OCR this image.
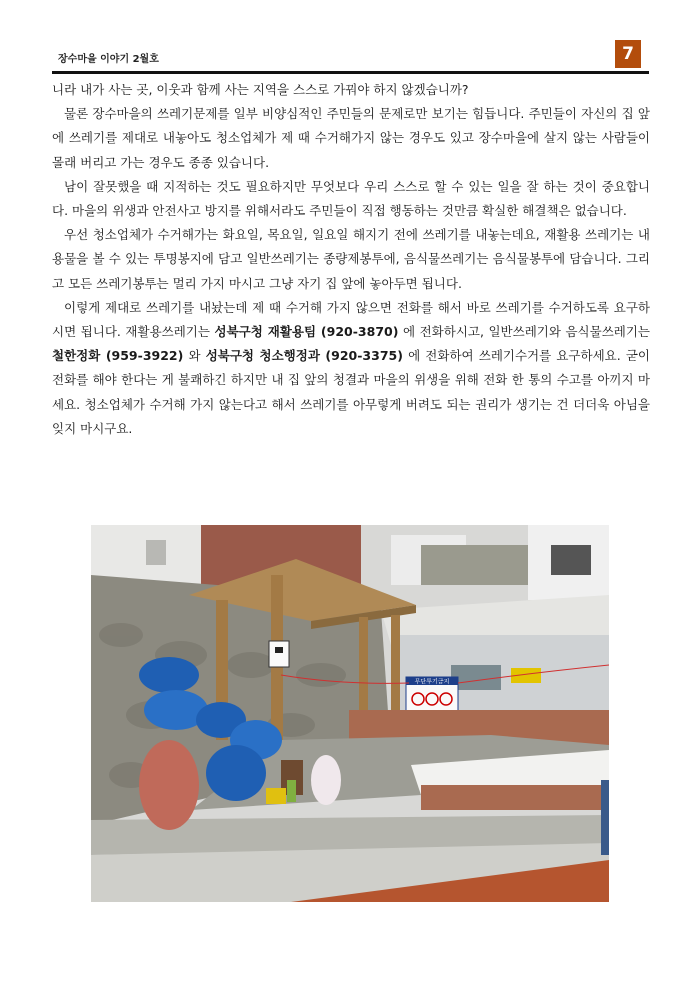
장수마을 이야기 2월호	7

니라 내가 사는 곳, 이웃과 함께 사는 지역을 스스로 가꿔야 하지 않겠습니까?

물론 장수마을의 쓰레기문제를 일부 비양심적인 주민들의 문제로만 보기는 힘듭니다. 주민들이 자신의 집 앞에 쓰레기를 제대로 내놓아도 청소업체가 제 때 수거해가지 않는 경우도 있고 장수마을에 살지 않는 사람들이 몰래 버리고 가는 경우도 종종 있습니다.

남이 잘못했을 때 지적하는 것도 필요하지만 무엇보다 우리 스스로 할 수 있는 일을 잘 하는 것이 중요합니다. 마을의 위생과 안전사고 방지를 위해서라도 주민들이 직접 행동하는 것만큼 확실한 해결책은 없습니다.

우선 청소업체가 수거해가는 화요일, 목요일, 일요일 해지기 전에 쓰레기를 내놓는데요, 재활용 쓰레기는 내용물을 볼 수 있는 투명봉지에 담고 일반쓰레기는 종량제봉투에, 음식물쓰레기는 음식물봉투에 담습니다. 그리고 모든 쓰레기봉투는 멀리 가지 마시고 그냥 자기 집 앞에 놓아두면 됩니다.

이렇게 제대로 쓰레기를 내놨는데 제 때 수거해 가지 않으면 전화를 해서 바로 쓰레기를 수거하도록 요구하시면 됩니다. 재활용쓰레기는 성북구청 재활용팀 (920-3870) 에 전화하시고, 일반쓰레기와 음식물쓰레기는 철한정화 (959-3922) 와 성북구청 청소행정과 (920-3375) 에 전화하여 쓰레기수거를 요구하세요. 굳이 전화를 해야 한다는 게 불쾌하긴 하지만 내 집 앞의 청결과 마을의 위생을 위해 전화 한 통의 수고를 아끼지 마세요. 청소업체가 수거해 가지 않는다고 해서 쓰레기를 아무렇게 버려도 되는 권리가 생기는 건 더더욱 아님을 잊지 마시구요.

무단투기금지
